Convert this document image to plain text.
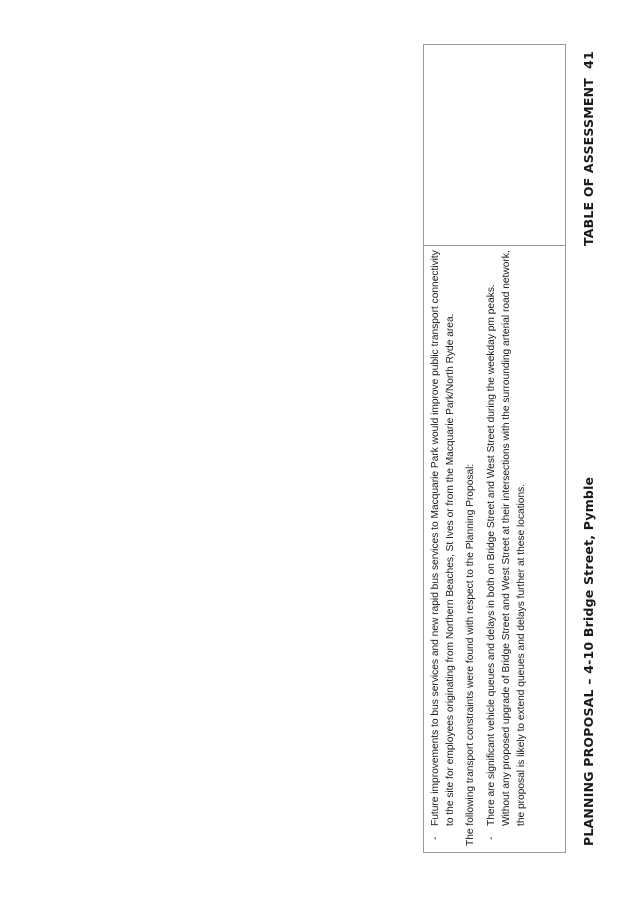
PLANNING PROPOSAL – 4-10 Bridge Street, Pymble
TABLE OF ASSESSMENT  41
-
Future improvements to bus services and new rapid bus services to Macquarie Park would improve public transport connectivity to the site for employees originating from Northern Beaches, St Ives or from the Macquarie Park/North Ryde area. The following transport constraints were found with respect to the Planning Proposal: -
There are significant vehicle queues and delays in both on Bridge Street and West Street during the weekday pm peaks. Without any proposed upgrade of Bridge Street and West Street at their intersections with the surrounding arterial road network, the proposal is likely to extend queues and delays further at these locations.
